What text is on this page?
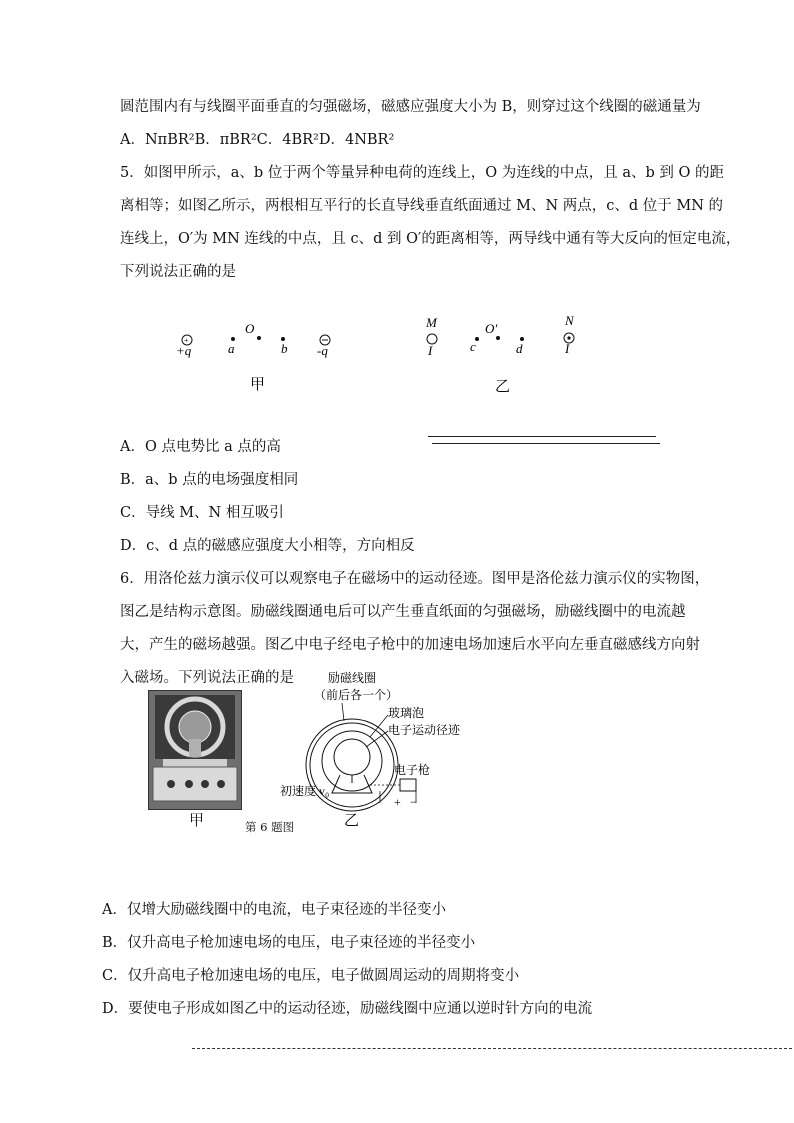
圆范围内有与线圈平面垂直的匀强磁场，磁感应强度大小为 B，则穿过这个线圈的磁通量为
A．NπBR²B．πBR²C．4BR²D．4NBR²
5．如图甲所示，a、b 位于两个等量异种电荷的连线上，O 为连线的中点，且 a、b 到 O 的距
离相等；如图乙所示，两根相互平行的长直导线垂直纸面通过 M、N 两点，c、d 位于 MN 的
连线上，O′为 MN 连线的中点，且 c、d 到 O′的距离相等，两导线中通有等大反向的恒定电流，
下列说法正确的是
+
+q	a
O
b -q
甲
M
I	c
O′
d
N
I
乙
A．O 点电势比 a 点的高
B．a、b 点的电场强度相同
C．导线 M、N 相互吸引
D．c、d 点的磁感应强度大小相等，方向相反
6．用洛伦兹力演示仪可以观察电子在磁场中的运动径迹。图甲是洛伦兹力演示仪的实物图，
图乙是结构示意图。励磁线圈通电后可以产生垂直纸面的匀强磁场，励磁线圈中的电流越
大，产生的磁场越强。图乙中电子经电子枪中的加速电场加速后水平向左垂直磁感线方向射
入磁场。下列说法正确的是
甲	第 6 题图
励磁线圈
（前后各一个）
玻璃泡
电子运动径迹
电子枪
+ −
初速度 v₀
乙
A．仅增大励磁线圈中的电流，电子束径迹的半径变小
B．仅升高电子枪加速电场的电压，电子束径迹的半径变小
C．仅升高电子枪加速电场的电压，电子做圆周运动的周期将变小
D．要使电子形成如图乙中的运动径迹，励磁线圈中应通以逆时针方向的电流
